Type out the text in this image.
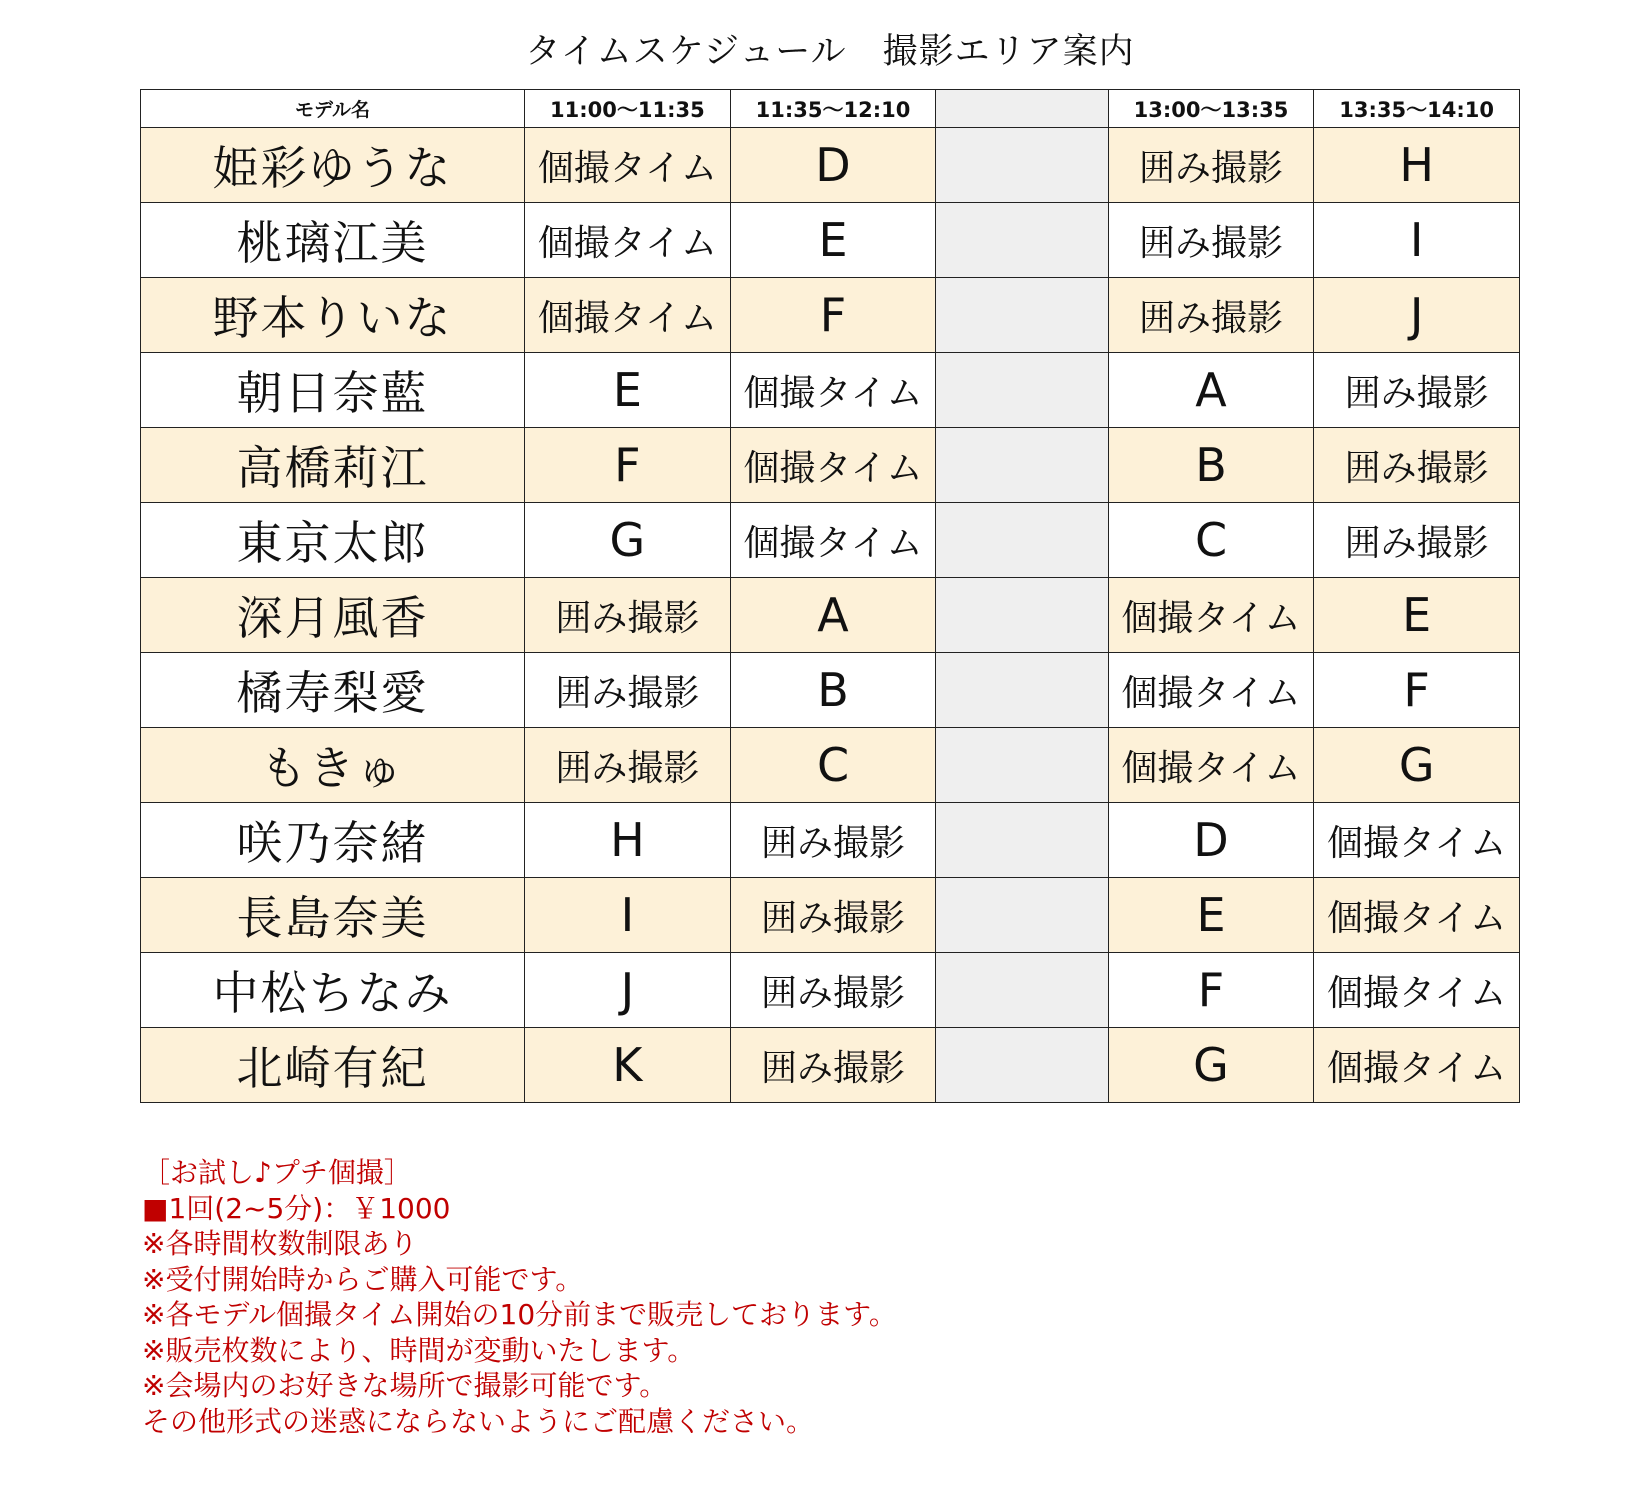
タイムスケジュール　撮影エリア案内
モデル名	11:00〜11:35	11:35〜12:10		13:00〜13:35	13:35〜14:10
姫彩ゆうな	個撮タイム	D		囲み撮影	H
桃璃江美	個撮タイム	E		囲み撮影	I
野本りいな	個撮タイム	F		囲み撮影	J
朝日奈藍	E	個撮タイム		A	囲み撮影
高橋莉江	F	個撮タイム		B	囲み撮影
東京太郎	G	個撮タイム		C	囲み撮影
深月風香	囲み撮影	A		個撮タイム	E
橘寿梨愛	囲み撮影	B		個撮タイム	F
もきゅ	囲み撮影	C		個撮タイム	G
咲乃奈緒	H	囲み撮影		D	個撮タイム
長島奈美	I	囲み撮影		E	個撮タイム
中松ちなみ	J	囲み撮影		F	個撮タイム
北崎有紀	K	囲み撮影		G	個撮タイム
［お試し♪プチ個撮］
■1回(2~5分)：￥1000
※各時間枚数制限あり
※受付開始時からご購入可能です。
※各モデル個撮タイム開始の10分前まで販売しております。
※販売枚数により、時間が変動いたします。
※会場内のお好きな場所で撮影可能です。
その他形式の迷惑にならないようにご配慮ください。
